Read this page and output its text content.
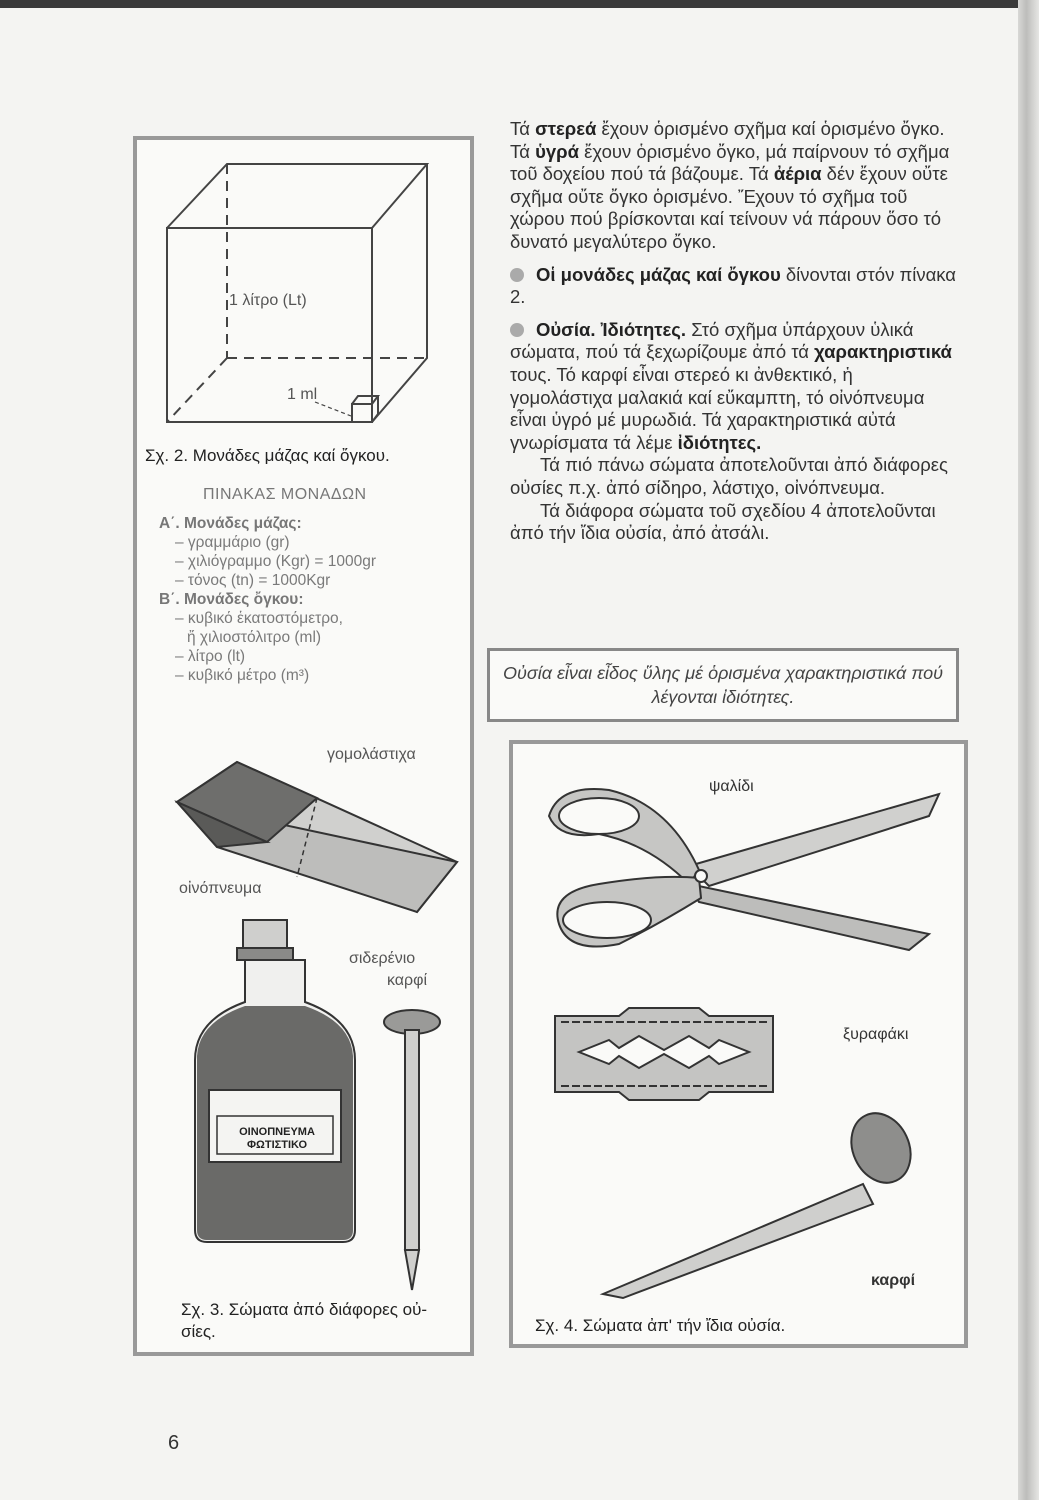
1 λίτρο (Lt)
1 ml
Σχ. 2. Μονάδες μάζας καί ὄγκου.
ΠΙΝΑΚΑΣ ΜΟΝΑΔΩΝ
Α΄. Μονάδες μάζας:
– γραμμάριο (gr)
– χιλιόγραμμο (Kgr) = 1000gr
– τόνος (tn) = 1000Kgr
Β΄. Μονάδες ὄγκου:
– κυβικό ἑκατοστόμετρο,
ἤ χιλιοστόλιτρο (ml)
– λίτρο (lt)
– κυβικό μέτρο (m³)
γομολάστιχα
οἰνόπνευμα
σιδερένιο
καρφί
ΟΙΝΟΠΝΕΥΜΑ
ΦΩΤΙΣΤΙΚΟ
Σχ. 3. Σώματα ἀπό διάφορες οὐ-
σίες.

Τά στερεά ἔχουν ὁρισμένο σχῆμα καί ὁρισμένο ὄγκο. Τά ὑγρά ἔχουν ὁρισμένο ὄγκο, μά παίρνουν τό σχῆμα τοῦ δοχείου πού τά βάζουμε. Τά ἀέρια δέν ἔχουν οὔτε σχῆμα οὔτε ὄγκο ὁρισμένο. Ἔχουν τό σχῆμα τοῦ χώρου πού βρίσκονται καί τείνουν νά πάρουν ὅσο τό δυνατό μεγαλύτερο ὄγκο.

Οἱ μονάδες μάζας καί ὄγκου δίνονται στόν πίνακα 2.

Οὐσία. Ἰδιότητες. Στό σχῆμα ὑπάρχουν ὑλικά σώματα, πού τά ξεχωρίζουμε ἀπό τά χαρακτηριστικά τους. Τό καρφί εἶναι στερεό κι ἀνθεκτικό, ἡ γομολάστιχα μαλακιά καί εὔκαμπτη, τό οἰνόπνευμα εἶναι ὑγρό μέ μυρωδιά. Τά χαρακτηριστικά αὐτά γνωρίσματα τά λέμε ἰδιότητες.

Τά πιό πάνω σώματα ἀποτελοῦνται ἀπό διάφορες οὐσίες π.χ. ἀπό σίδηρο, λάστιχο, οἰνόπνευμα.

Τά διάφορα σώματα τοῦ σχεδίου 4 ἀποτελοῦνται ἀπό τήν ἴδια οὐσία, ἀπό ἀτσάλι.

Οὐσία εἶναι εἶδος ὕλης μέ ὁρισμένα χαρακτηριστικά πού λέγονται ἰδιότητες.
ψαλίδι
ξυραφάκι
καρφί
Σχ. 4. Σώματα ἀπ' τήν ἴδια οὐσία.
6
